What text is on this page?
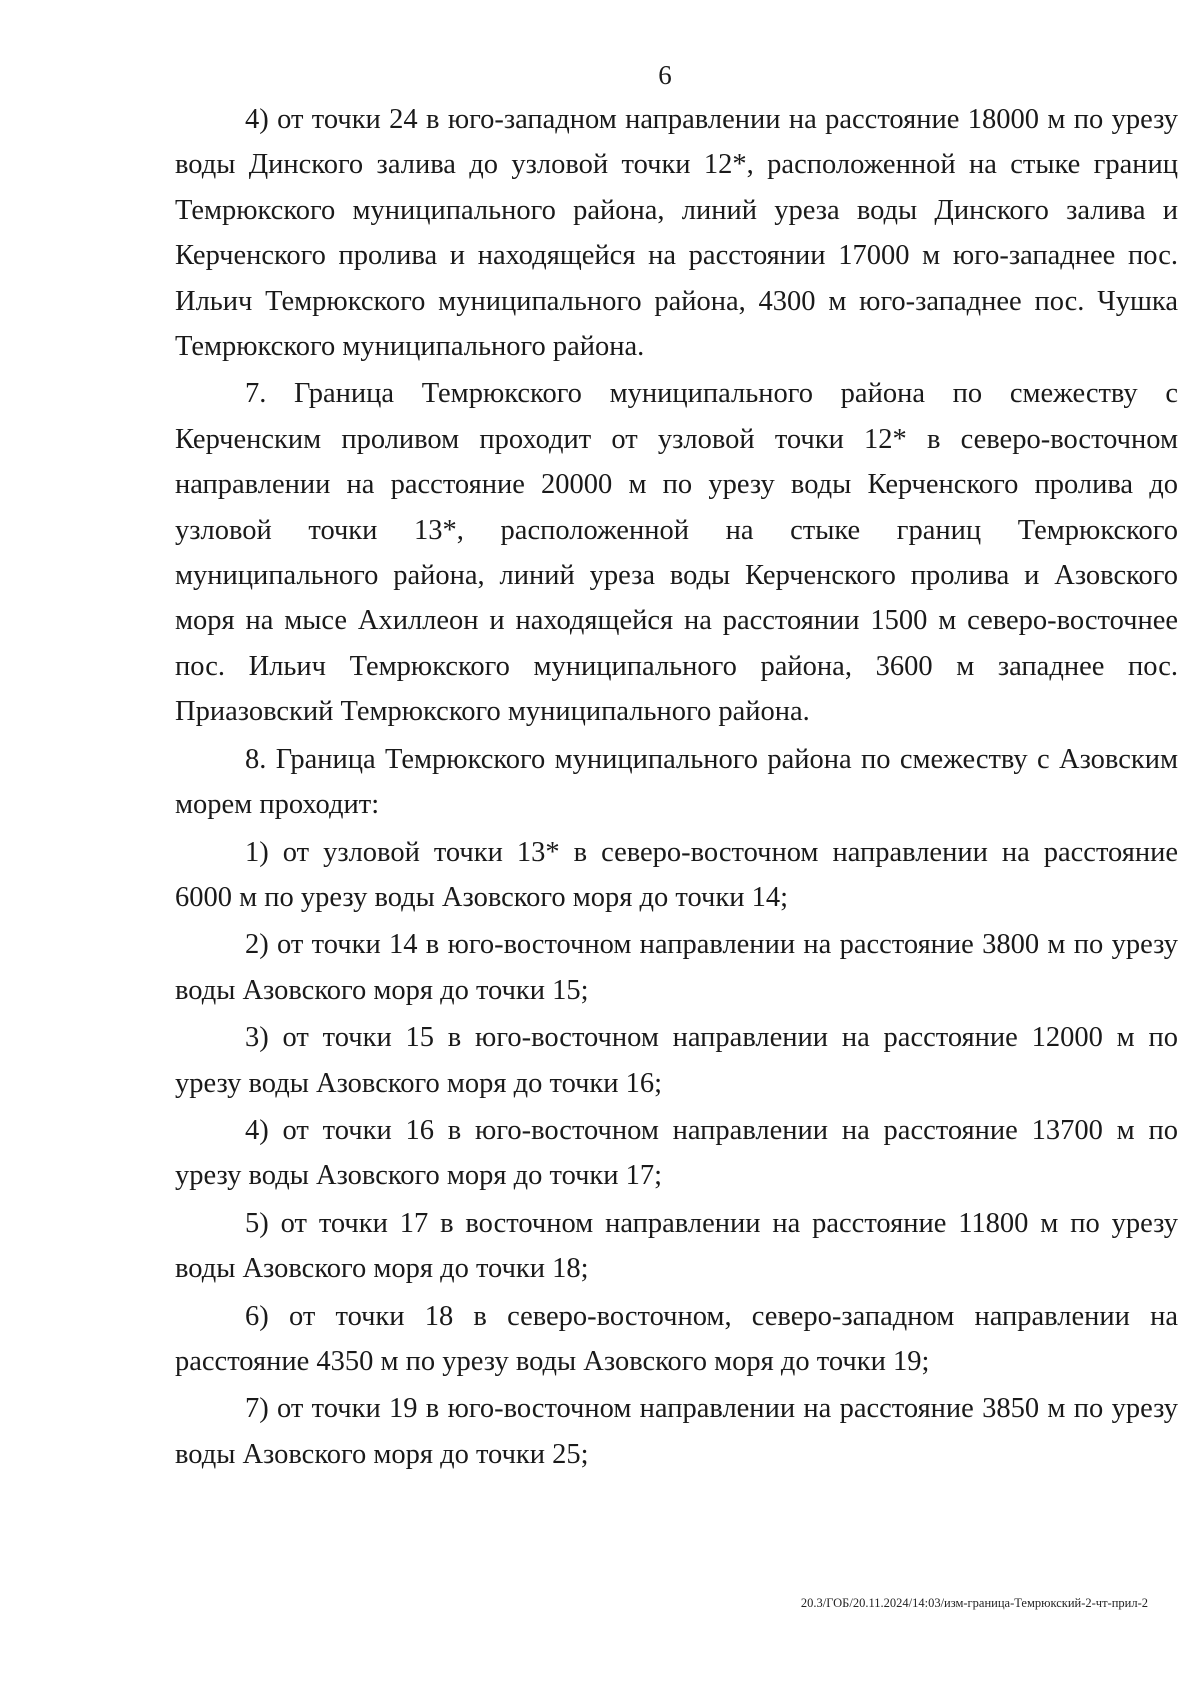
6

4) от точки 24 в юго-западном направлении на расстояние 18000 м по урезу воды Динского залива до узловой точки 12*, расположенной на стыке границ Темрюкского муниципального района, линий уреза воды Динского залива и Керченского пролива и находящейся на расстоянии 17000 м юго-западнее пос. Ильич Темрюкского муниципального района, 4300 м юго-западнее пос. Чушка Темрюкского муниципального района.

7. Граница Темрюкского муниципального района по смежеству с Керченским проливом проходит от узловой точки 12* в северо-восточном направлении на расстояние 20000 м по урезу воды Керченского пролива до узловой точки 13*, расположенной на стыке границ Темрюкского муниципального района, линий уреза воды Керченского пролива и Азовского моря на мысе Ахиллеон и находящейся на расстоянии 1500 м северо-восточнее пос. Ильич Темрюкского муниципального района, 3600 м западнее пос. Приазовский Темрюкского муниципального района.

8. Граница Темрюкского муниципального района по смежеству с Азовским морем проходит:

1) от узловой точки 13* в северо-восточном направлении на расстояние 6000 м по урезу воды Азовского моря до точки 14;

2) от точки 14 в юго-восточном направлении на расстояние 3800 м по урезу воды Азовского моря до точки 15;

3) от точки 15 в юго-восточном направлении на расстояние 12000 м по урезу воды Азовского моря до точки 16;

4) от точки 16 в юго-восточном направлении на расстояние 13700 м по урезу воды Азовского моря до точки 17;

5) от точки 17 в восточном направлении на расстояние 11800 м по урезу воды Азовского моря до точки 18;

6) от точки 18 в северо-восточном, северо-западном направлении на расстояние 4350 м по урезу воды Азовского моря до точки 19;

7) от точки 19 в юго-восточном направлении на расстояние 3850 м по урезу воды Азовского моря до точки 25;

20.3/ГОБ/20.11.2024/14:03/изм-граница-Темрюкский-2-чт-прил-2
